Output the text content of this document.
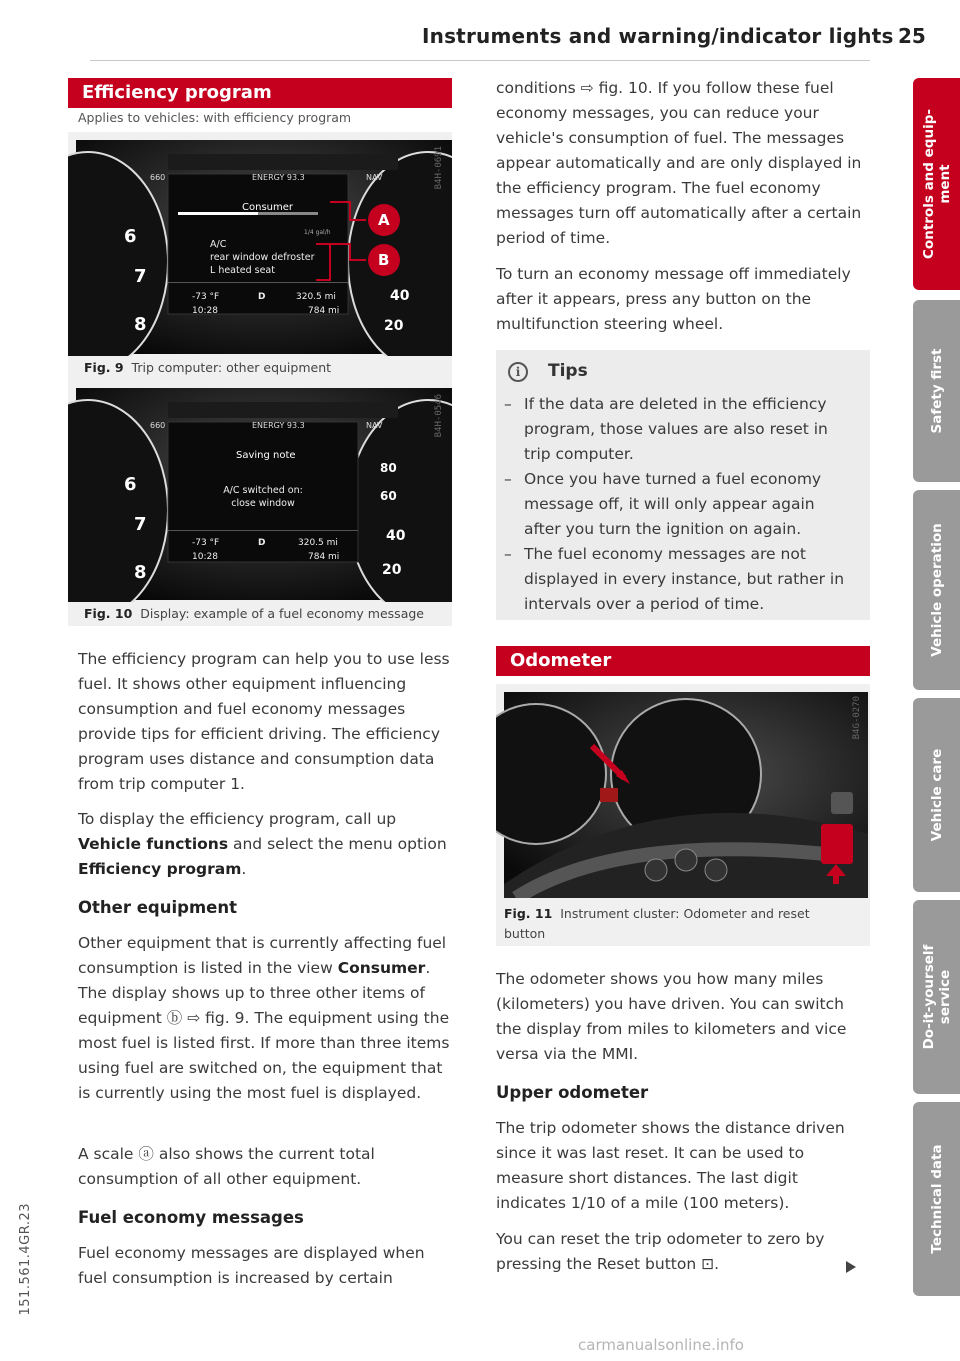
Instruments and warning/indicator lights 25
Efficiency program
Applies to vehicles: with efficiency program
6
7
8
40
20
660	ENERGY 93.3	NAV
Consumer
1/4 gal/h
A/C
rear window defroster
L heated seat
-73 °F	D	320.5 mi
10:28	784 mi
A
B
B4H-0691
Fig. 9 Trip computer: other equipment
6
7
8
80
60
40
20
660	ENERGY 93.3	NAV
Saving note
A/C switched on:
close window
-73 °F	D	320.5 mi
10:28	784 mi
B4H-0546
Fig. 10 Display: example of a fuel economy message
The efficiency program can help you to use less fuel. It shows other equipment influencing consumption and fuel economy messages provide tips for efficient driving. The efficiency program uses distance and consumption data from trip computer 1.
To display the efficiency program, call up Vehicle functions and select the menu option Efficiency program.
Other equipment
Other equipment that is currently affecting fuel consumption is listed in the view Consumer. The display shows up to three other items of equipment ⓑ ⇨ fig. 9. The equipment using the most fuel is listed first. If more than three items using fuel are switched on, the equipment that is currently using the most fuel is displayed.
A scale ⓐ also shows the current total consumption of all other equipment.
Fuel economy messages
Fuel economy messages are displayed when fuel consumption is increased by certain
conditions ⇨ fig. 10. If you follow these fuel economy messages, you can reduce your vehicle's consumption of fuel. The messages appear automatically and are only displayed in the efficiency program. The fuel economy messages turn off automatically after a certain period of time.
To turn an economy message off immediately after it appears, press any button on the multifunction steering wheel.
i	Tips
– If the data are deleted in the efficiency program, those values are also reset in trip computer.
– Once you have turned a fuel economy message off, it will only appear again after you turn the ignition on again.
– The fuel economy messages are not displayed in every instance, but rather in intervals over a period of time.
Odometer
B4G-0270
Fig. 11 Instrument cluster: Odometer and reset button
The odometer shows you how many miles (kilometers) you have driven. You can switch the display from miles to kilometers and vice versa via the MMI.
Upper odometer
The trip odometer shows the distance driven since it was last reset. It can be used to measure short distances. The last digit indicates 1/10 of a mile (100 meters).
You can reset the trip odometer to zero by pressing the Reset button ⊡.
Controls and equip-
ment
Safety first
Vehicle operation
Vehicle care
Do-it-yourself
service
Technical data
151.561.4GR.23
carmanualsonline.info
